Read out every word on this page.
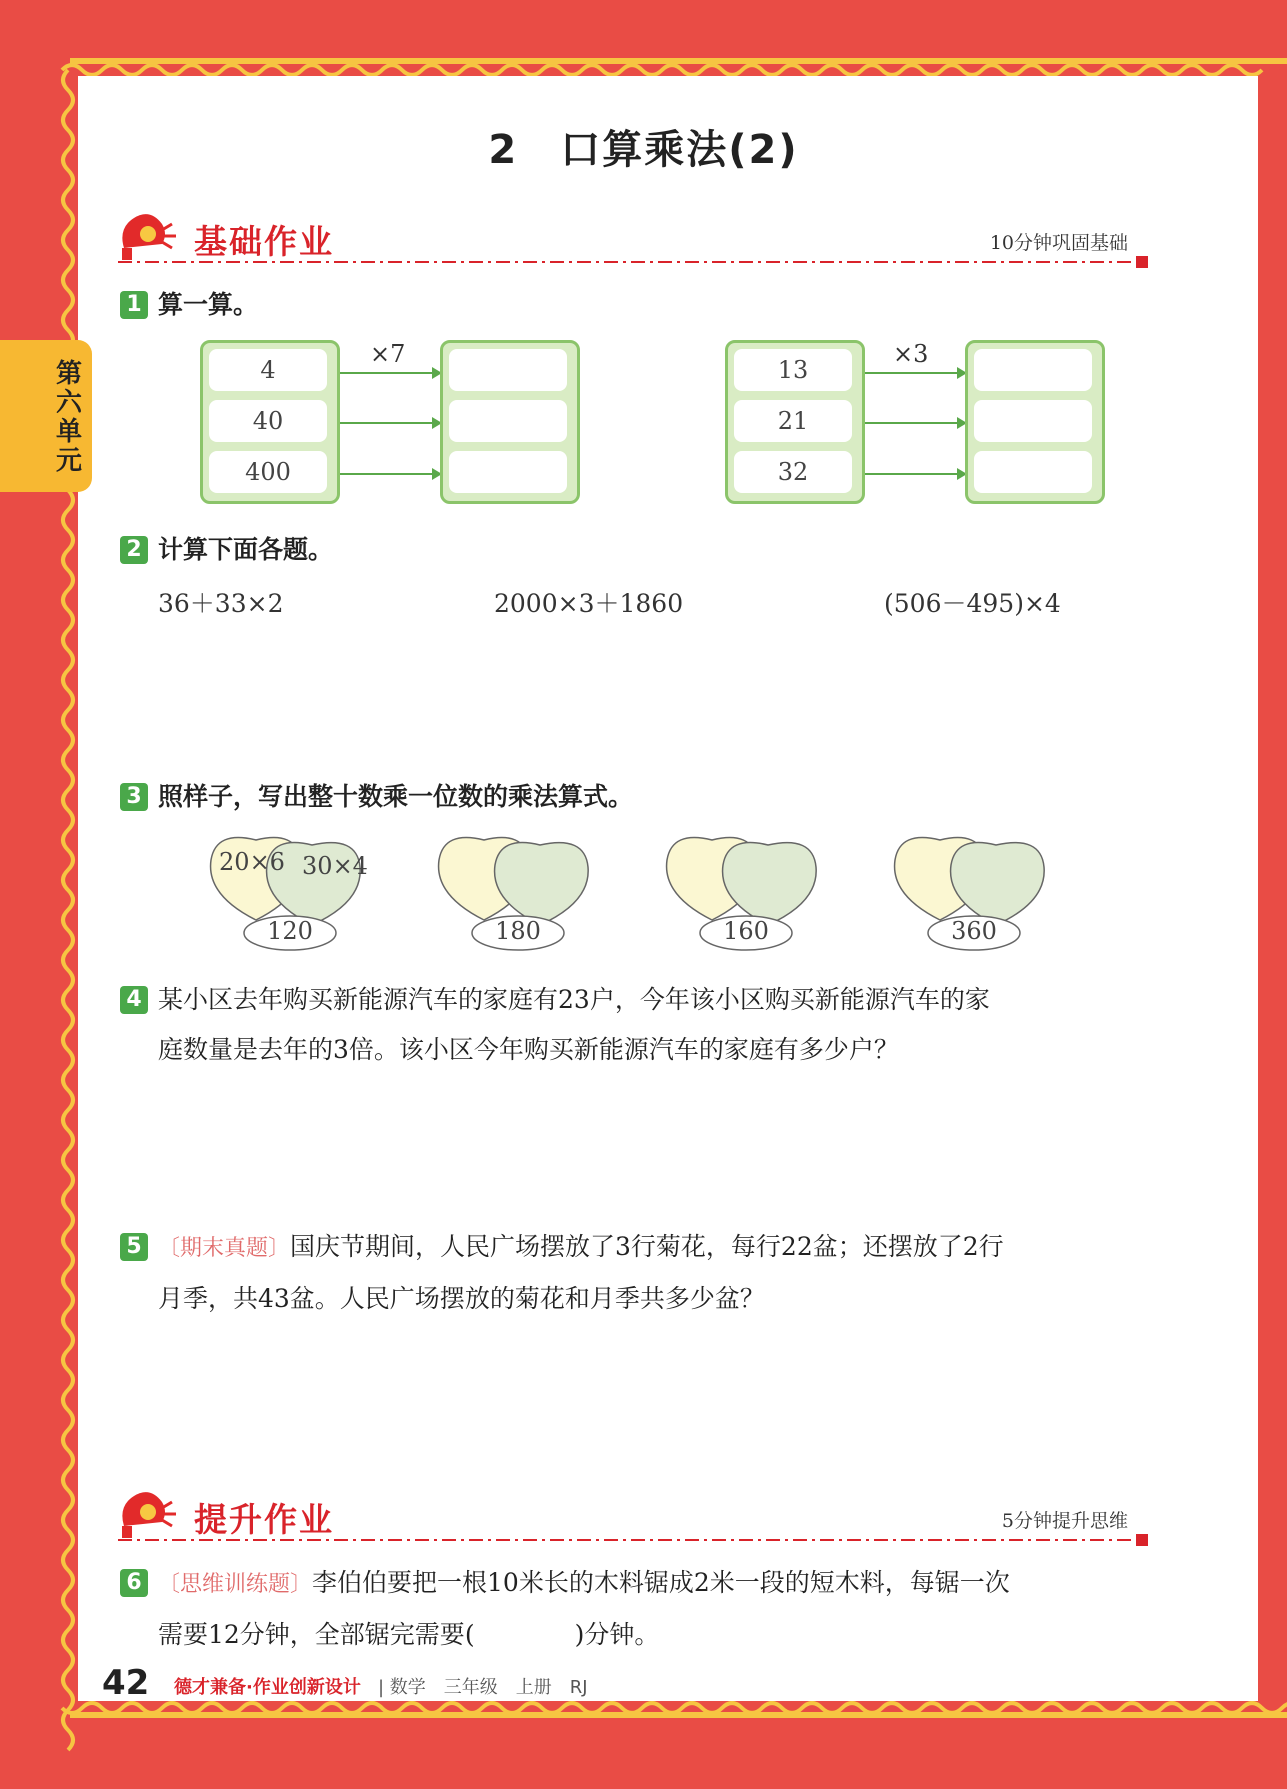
第六单元
2　口算乘法(2)
基础作业	10分钟巩固基础
1 算一算。
4
40
400
×7
13
21
32
×3
2 计算下面各题。
36＋33×2	2000×3＋1860	(506－495)×4
3 照样子，写出整十数乘一位数的乘法算式。
20×6 30×4
120	180	160	360
4 某小区去年购买新能源汽车的家庭有23户，今年该小区购买新能源汽车的家
庭数量是去年的3倍。该小区今年购买新能源汽车的家庭有多少户？
5 〔期末真题〕国庆节期间，人民广场摆放了3行菊花，每行22盆；还摆放了2行
月季，共43盆。人民广场摆放的菊花和月季共多少盆？
提升作业	5分钟提升思维
6 〔思维训练题〕李伯伯要把一根10米长的木料锯成2米一段的短木料，每锯一次
需要12分钟，全部锯完需要(　　　　)分钟。
42 德才兼备·作业创新设计 | 数学　三年级　上册　RJ
